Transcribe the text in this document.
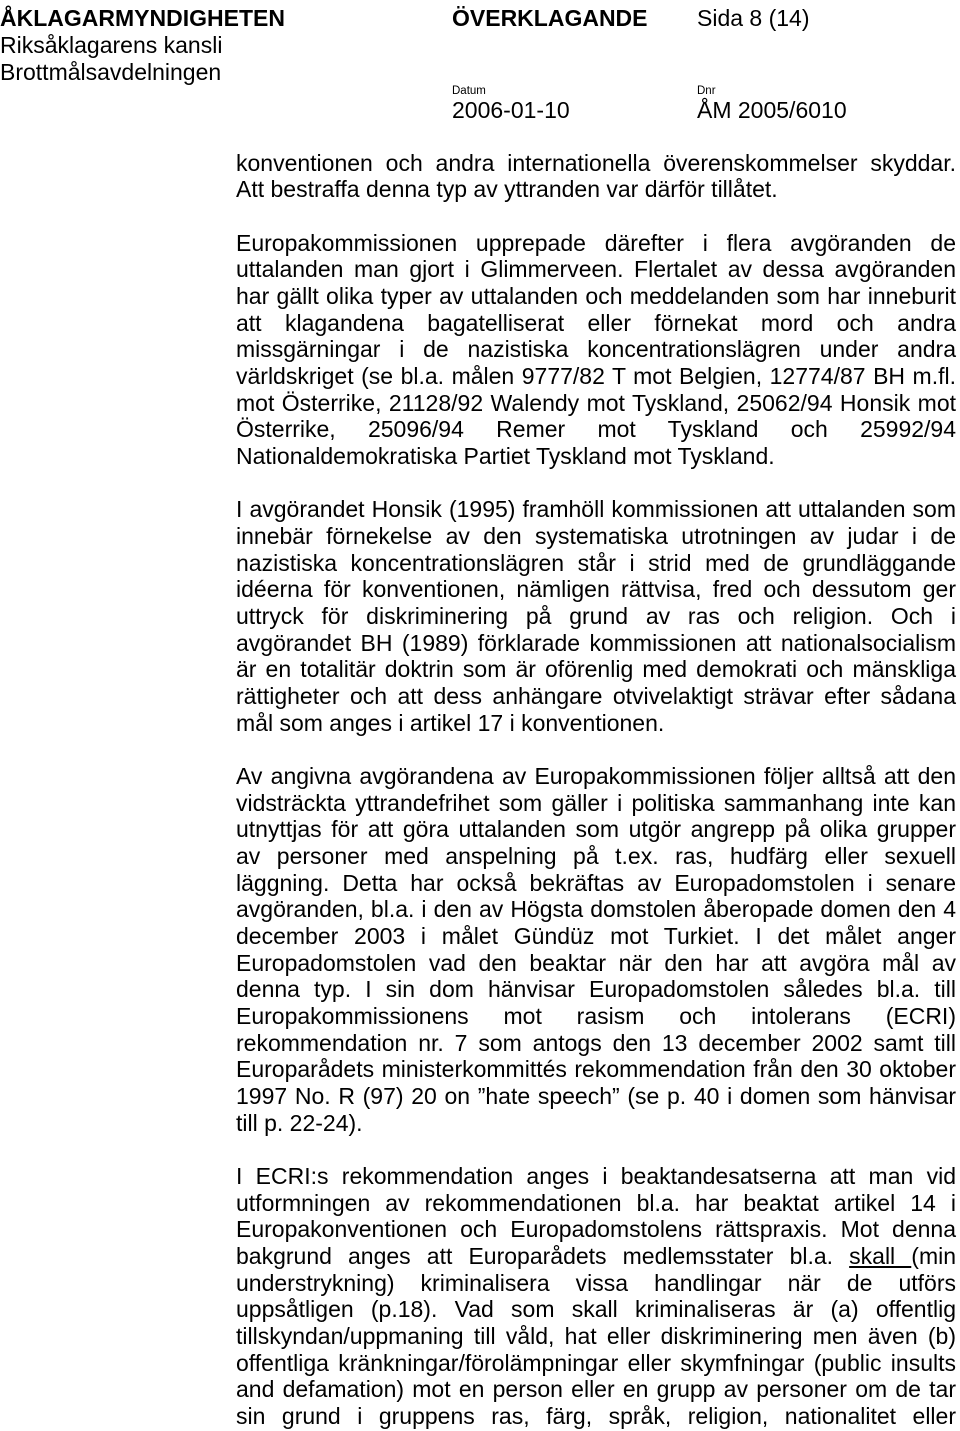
ÅKLAGARMYNDIGHETEN	ÖVERKLAGANDE Sida 8 (14)
Riksåklagarens kansli
Brottmålsavdelningen
Datum	Dnr
2006-01-10	ÅM 2005/6010
konventionen och andra internationella överenskommelser skyddar.
Att bestraffa denna typ av yttranden var därför tillåtet.
Europakommissionen upprepade därefter i flera avgöranden de
uttalanden man gjort i Glimmerveen. Flertalet av dessa avgöranden
har gällt olika typer av uttalanden och meddelanden som har inneburit
att klagandena bagatelliserat eller förnekat mord och andra
missgärningar i de nazistiska koncentrationslägren under andra
världskriget (se bl.a. målen 9777/82 T mot Belgien, 12774/87 BH m.fl.
mot Österrike, 21128/92 Walendy mot Tyskland, 25062/94 Honsik mot
Österrike, 25096/94 Remer mot Tyskland och 25992/94
Nationaldemokratiska Partiet Tyskland mot Tyskland.
I avgörandet Honsik (1995) framhöll kommissionen att uttalanden som
innebär förnekelse av den systematiska utrotningen av judar i de
nazistiska koncentrationslägren står i strid med de grundläggande
idéerna för konventionen, nämligen rättvisa, fred och dessutom ger
uttryck för diskriminering på grund av ras och religion. Och i
avgörandet BH (1989) förklarade kommissionen att nationalsocialism
är en totalitär doktrin som är oförenlig med demokrati och mänskliga
rättigheter och att dess anhängare otvivelaktigt strävar efter sådana
mål som anges i artikel 17 i konventionen.
Av angivna avgörandena av Europakommissionen följer alltså att den
vidsträckta yttrandefrihet som gäller i politiska sammanhang inte kan
utnyttjas för att göra uttalanden som utgör angrepp på olika grupper
av personer med anspelning på t.ex. ras, hudfärg eller sexuell
läggning. Detta har också bekräftas av Europadomstolen i senare
avgöranden, bl.a. i den av Högsta domstolen åberopade domen den 4
december 2003 i målet Gündüz mot Turkiet. I det målet anger
Europadomstolen vad den beaktar när den har att avgöra mål av
denna typ. I sin dom hänvisar Europadomstolen således bl.a. till
Europakommissionens mot rasism och intolerans (ECRI)
rekommendation nr. 7 som antogs den 13 december 2002 samt till
Europarådets ministerkommittés rekommendation från den 30 oktober
1997 No. R (97) 20 on ”hate speech” (se p. 40 i domen som hänvisar
till p. 22-24).
I ECRI:s rekommendation anges i beaktandesatserna att man vid
utformningen av rekommendationen bl.a. har beaktat artikel 14 i
Europakonventionen och Europadomstolens rättspraxis. Mot denna
bakgrund anges att Europarådets medlemsstater bl.a. skall (min
understrykning) kriminalisera vissa handlingar när de utförs
uppsåtligen (p.18). Vad som skall kriminaliseras är (a) offentlig
tillskyndan/uppmaning till våld, hat eller diskriminering men även (b)
offentliga kränkningar/förolämpningar eller skymfningar (public insults
and defamation) mot en person eller en grupp av personer om de tar
sin grund i gruppens ras, färg, språk, religion, nationalitet eller
